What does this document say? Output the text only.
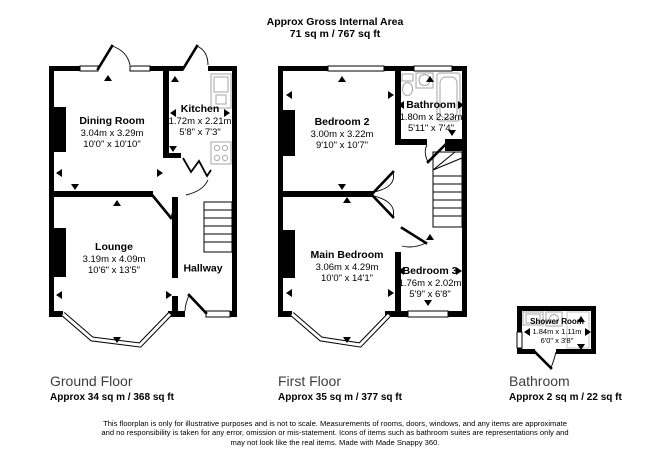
Approx Gross Internal Area
71 sq m / 767 sq ft
Dining Room
3.04m x 3.29m
10'0" x 10'10"
Kitchen
1.72m x 2.21m
5'8" x 7'3"
Lounge
3.19m x 4.09m
10'6" x 13'5"	Hallway
Bedroom 2
3.00m x 3.22m
9'10" x 10'7"
Bathroom
1.80m x 2.23m
5'11" x 7'4"
Main Bedroom
3.06m x 4.29m
10'0" x 14'1"
Bedroom 3
1.76m x 2.02m
5'9" x 6'8"
Shower Room
1.84m x 1.11m
6'0" x 3'8"
Ground Floor
Approx 34 sq m / 368 sq ft
First Floor
Approx 35 sq m / 377 sq ft
Bathroom
Approx 2 sq m / 22 sq ft
This floorplan is only for illustrative purposes and is not to scale. Measurements of rooms, doors, windows, and any items are approximate
and no responsibility is taken for any error, omission or mis-statement. Icons of items such as bathroom suites are representations only and
may not look like the real items. Made with Made Snappy 360.
